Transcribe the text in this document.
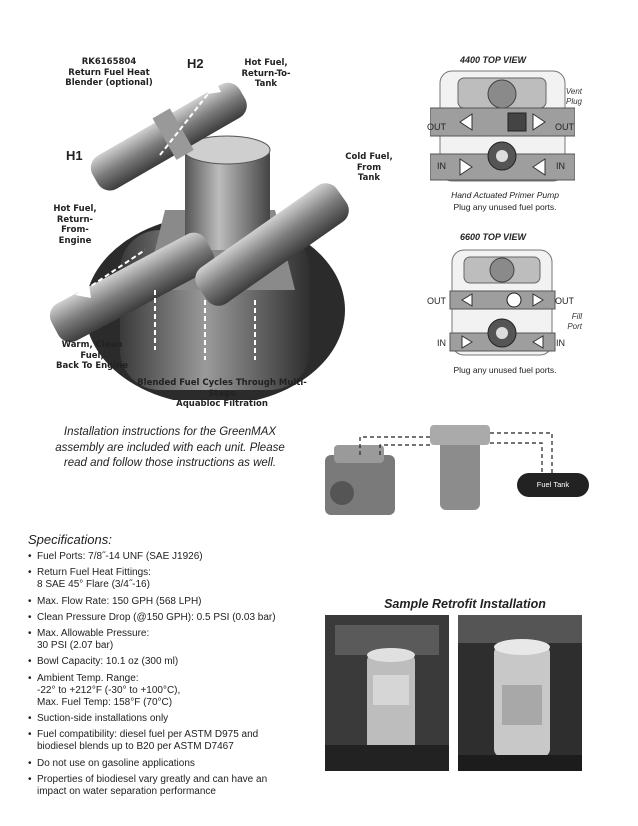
RK6165804
Return Fuel Heat
Blender (optional)
H2	Hot Fuel,
Return-To-Tank
H1	Cold Fuel,
From Tank
Hot Fuel,
Return-
From-Engine
Warm, Clean Fuel,
Back To Engine
Blended Fuel Cycles Through Multi-Stage
Aquabloc Filtration
4400 TOP VIEW
Vent
Plug
OUT	OUT
IN	IN
Hand Actuated Primer Pump
Plug any unused fuel ports.
6600 TOP VIEW
OUT	OUT
Fill
Port
IN	IN
Plug any unused fuel ports.
Installation instructions for the GreenMAX
assembly are included with each unit. Please
read and follow those instructions as well.
Fuel Tank
Specifications:
• Fuel Ports: 7/8˝-14 UNF (SAE J1926)
• Return Fuel Heat Fittings:
8 SAE 45° Flare (3/4˝-16)
• Max. Flow Rate: 150 GPH (568 LPH)
• Clean Pressure Drop (@150 GPH): 0.5 PSI (0.03 bar)
• Max. Allowable Pressure:
30 PSI (2.07 bar)
• Bowl Capacity: 10.1 oz (300 ml)
• Ambient Temp. Range:
-22° to +212°F (-30° to +100°C),
Max. Fuel Temp: 158°F (70°C)
• Suction-side installations only
• Fuel compatibility: diesel fuel per ASTM D975 and
biodiesel blends up to B20 per ASTM D7467
• Do not use on gasoline applications
• Properties of biodiesel vary greatly and can have an
impact on water separation performance
Sample Retrofit Installation
